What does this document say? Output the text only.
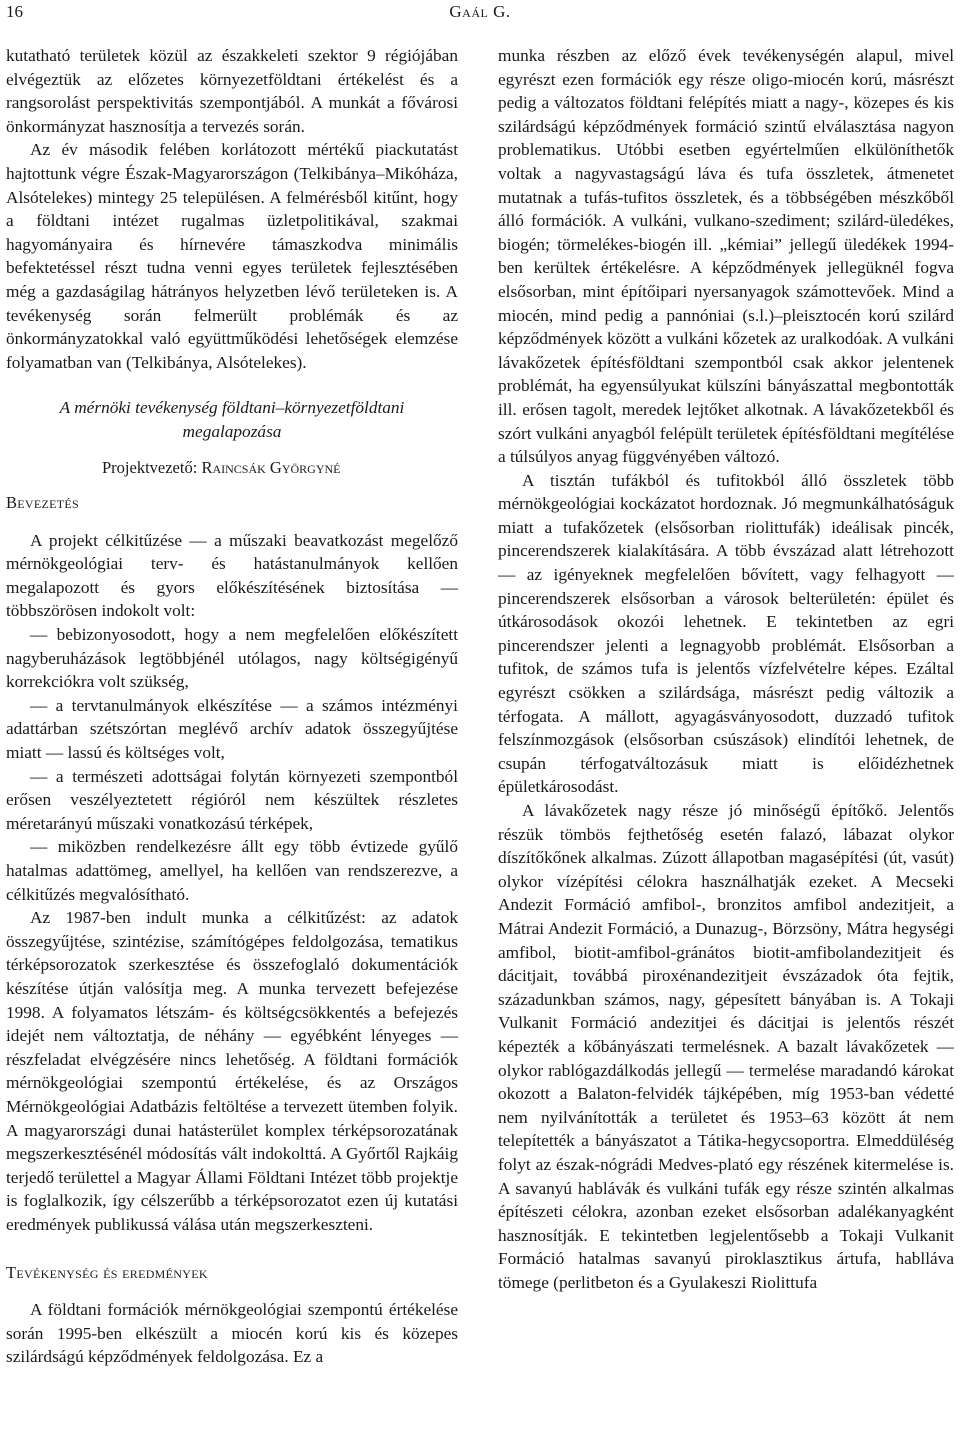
16	Gaál G.

kutatható területek közül az északkeleti szektor 9 régiójában elvégeztük az előzetes környezetföldtani értékelést és a rangsorolást perspektivitás szempontjából. A munkát a fővárosi önkormányzat hasznosítja a tervezés során.

Az év második felében korlátozott mértékű piackutatást hajtottunk végre Észak-Magyarországon (Telkibánya–Mikóháza, Alsótelekes) mintegy 25 településen. A felmérésből kitűnt, hogy a földtani intézet rugalmas üzletpolitikával, szakmai hagyományaira és hírnevére támaszkodva minimális befektetéssel részt tudna venni egyes területek fejlesztésében még a gazdaságilag hátrányos helyzetben lévő területeken is. A tevékenység során felmerült problémák és az önkormányzatokkal való együttműködési lehetőségek elemzése folyamatban van (Telkibánya, Alsótelekes).

A mérnöki tevékenység földtani–környezetföldtani megalapozása
Projektvezető: Raincsák Györgyné
Bevezetés

A projekt célkitűzése — a műszaki beavatkozást megelőző mérnökgeológiai terv- és hatástanulmányok kellően megalapozott és gyors előkészítésének biztosítása — többszörösen indokolt volt:

— bebizonyosodott, hogy a nem megfelelően előkészített nagyberuházások legtöbbjénél utólagos, nagy költségigényű korrekciókra volt szükség,

— a tervtanulmányok elkészítése — a számos intézményi adattárban szétszórtan meglévő archív adatok összegyűjtése miatt — lassú és költséges volt,

— a természeti adottságai folytán környezeti szempontból erősen veszélyeztetett régióról nem készültek részletes méretarányú műszaki vonatkozású térképek,

— miközben rendelkezésre állt egy több évtizede gyűlő hatalmas adattömeg, amellyel, ha kellően van rendszerezve, a célkitűzés megvalósítható.

Az 1987-ben indult munka a célkitűzést: az adatok összegyűjtése, szintézise, számítógépes feldolgozása, tematikus térképsorozatok szerkesztése és összefoglaló dokumentációk készítése útján valósítja meg. A munka tervezett befejezése 1998. A folyamatos létszám- és költségcsökkentés a befejezés idejét nem változtatja, de néhány — egyébként lényeges — részfeladat elvégzésére nincs lehetőség. A földtani formációk mérnökgeológiai szempontú értékelése, és az Országos Mérnökgeológiai Adatbázis feltöltése a tervezett ütemben folyik. A magyarországi dunai hatásterület komplex térképsorozatának megszerkesztésénél módosítás vált indokolttá. A Győrtől Rajkáig terjedő területtel a Magyar Állami Földtani Intézet több projektje is foglalkozik, így célszerűbb a térképsorozatot ezen új kutatási eredmények publikussá válása után megszerkeszteni.

Tevékenység és eredmények

A földtani formációk mérnökgeológiai szempontú értékelése során 1995-ben elkészült a miocén korú kis és közepes szilárdságú képződmények feldolgozása. Ez a

munka részben az előző évek tevékenységén alapul, mivel egyrészt ezen formációk egy része oligo-miocén korú, másrészt pedig a változatos földtani felépítés miatt a nagy-, közepes és kis szilárdságú képződmények formáció szintű elválasztása nagyon problematikus. Utóbbi esetben egyértelműen elkülöníthetők voltak a nagyvastagságú láva és tufa összletek, átmenetet mutatnak a tufás-tufitos összletek, és a többségében mészkőből álló formációk. A vulkáni, vulkano-szediment; szilárd-üledékes, biogén; törmelékes-biogén ill. „kémiai” jellegű üledékek 1994-ben kerültek értékelésre. A képződmények jellegüknél fogva elsősorban, mint építőipari nyersanyagok számottevőek. Mind a miocén, mind pedig a pannóniai (s.l.)–pleisztocén korú szilárd képződmények között a vulkáni kőzetek az uralkodóak. A vulkáni lávakőzetek építésföldtani szempontból csak akkor jelentenek problémát, ha egyensúlyukat külszíni bányászattal megbontották ill. erősen tagolt, meredek lejtőket alkotnak. A lávakőzetekből és szórt vulkáni anyagból felépült területek építésföldtani megítélése a túlsúlyos anyag függvényében változó.

A tisztán tufákból és tufitokból álló összletek több mérnökgeológiai kockázatot hordoznak. Jó megmunkálhatóságuk miatt a tufakőzetek (elsősorban riolittufák) ideálisak pincék, pincerendszerek kialakítására. A több évszázad alatt létrehozott — az igényeknek megfelelően bővített, vagy felhagyott — pincerendszerek elsősorban a városok belterületén: épület és útkárosodások okozói lehetnek. E tekintetben az egri pincerendszer jelenti a legnagyobb problémát. Elsősorban a tufitok, de számos tufa is jelentős vízfelvételre képes. Ezáltal egyrészt csökken a szilárdsága, másrészt pedig változik a térfogata. A mállott, agyagásványosodott, duzzadó tufitok felszínmozgások (elsősorban csúszások) elindítói lehetnek, de csupán térfogatváltozásuk miatt is előidézhetnek épületkárosodást.

A lávakőzetek nagy része jó minőségű építőkő. Jelentős részük tömbös fejthetőség esetén falazó, lábazat olykor díszítőkőnek alkalmas. Zúzott állapotban magasépítési (út, vasút) olykor vízépítési célokra használhatják ezeket. A Mecseki Andezit Formáció amfibol-, bronzitos amfibol andezitjeit, a Mátrai Andezit Formáció, a Dunazug-, Börzsöny, Mátra hegységi amfibol, biotit-amfibol-gránátos biotit-amfibolandezitjeit és dácitjait, továbbá piroxénandezitjeit évszázadok óta fejtik, századunkban számos, nagy, gépesített bányában is. A Tokaji Vulkanit Formáció andezitjei és dácitjai is jelentős részét képezték a kőbányászati termelésnek. A bazalt lávakőzetek — olykor rablógazdálkodás jellegű — termelése maradandó károkat okozott a Balaton-felvidék tájképében, míg 1953-ban védetté nem nyilvánították a területet és 1953–63 között át nem telepítették a bányászatot a Tátika-hegycsoportra. Elmeddüléség folyt az észak-nógrádi Medves-plató egy részének kitermelése is. A savanyú hablávák és vulkáni tufák egy része szintén alkalmas építészeti célokra, azonban ezeket elsősorban adalékanyagként hasznosítják. E tekintetben legjelentősebb a Tokaji Vulkanit Formáció hatalmas savanyú piroklasztikus ártufa, hablláva tömege (perlitbeton és a Gyulakeszi Riolittufa
